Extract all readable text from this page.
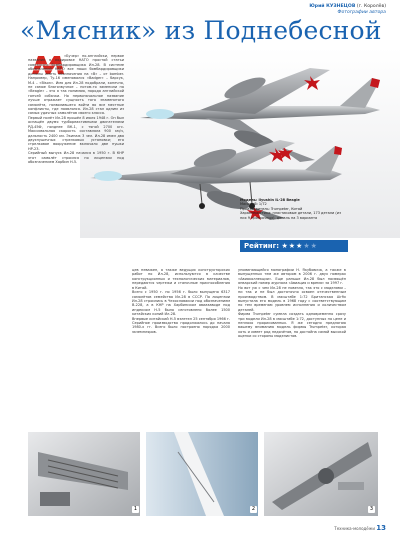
Юрий КУЗНЕЦОВ (г. Королёв)
Фотографии автора
«Мясник» из Поднебесной

«Бучер» по-английски, первое название в кодировке НАТО простой статьи советского бомбардировщика Ил-28. В системе обозначений НАТО все наши бомбардировщики должны иметь обозначения на «В» – от bomber. Например, Ту-16 именовался «Badger» – барсук, М-4 – «Bison». Имя для Ил-28 подобрали, конечно, не самое благозвучное – потом-то заменили на «Beagle» – это я так понимаю, порода английской гончей собачки. Но первоначальное название лучше отражает сущность того знаменитого самолёта, позволившего войти во все местные конфликты, где появлялся. Ил-28 стал одним из самых удачных самолётов своего класса.

Первый полёт Ил-28 прошёл 8 июля 1948 г. Он был оснащён двумя турбореактивными двигателями РД-45Ф, позднее ВК-1, с тягой 2700 кгс. Максимальная скорость составляла 900 км/ч, дальность 2400 км. Экипаж 3 чел. Ил-28 имел два двухпушечных стрелковых установки; его стрелковое вооружение включало две пушки НР-23.

Серийный выпуск Ил-28 начался в 1950 г. В КНР этот самолёт строился по лицензии под обозначением Харбин Н-5.

Модель: Ilyushin IL-28 Beagle
Масштаб: 1/72
Производитель: Trumpeter, Китай
Характеристика: пластиковые детали, 173 детали (из них 9 прозрачных), декаль на 3 варианта
Рейтинг: ★★★★★

цев неважен, а также ведущих конструкторских работ по Ил-28, используются в качестве конструкционных и технологических материалов, передаются чертежи и станочные приспособления в Китай.

Всего с 1950 г. по 1956 г. было выпущено 6317 самолётов семейства Ил-28 в СССР. По лицензии Ил-28 строились в Чехословакии под обозначением В-228, а в КНР на Харбинском авиазаводе под индексом Н-5 было изготовлено более 1500 китайских копий Ил-28.

Впервые китайский Н-5 взлетел 25 сентября 1966 г. Серийное производство продолжалось до начала 1980-х гг. Всего было построено порядка 2000 экземпляров.

упоминающейся монографии Н. Якубовича, а также в выпущенных тем же автором в 2006 г. двух номерах «Авиаколлекции». Еще раньше Ил-28 был посвящён январский номер журнала «Авиация и время» за 1997 г.

Но вот уж с чем Ил-28 не повезло, так это с моделями – ни так и не был достаточно освоен отечественным производством. В масштабе 1:72 Британская Airfix выпустила его модель в 1968 году с соответствующим по тем временам уровнем исполнения и количеством деталей.

Фирма Trumpeter сумела создать одновременно сразу три модели Ил-28 в масштабе 1:72, доступных по цене и неплохо прорисованных. Я же сегодня предлагаю вашему вниманию модель фирмы Trumpeter, которая хоть и имеет ряд недочётов, но достойна самой высокой оценки со стороны моделистов.

1	2	3
Техника-молодёжи 13
